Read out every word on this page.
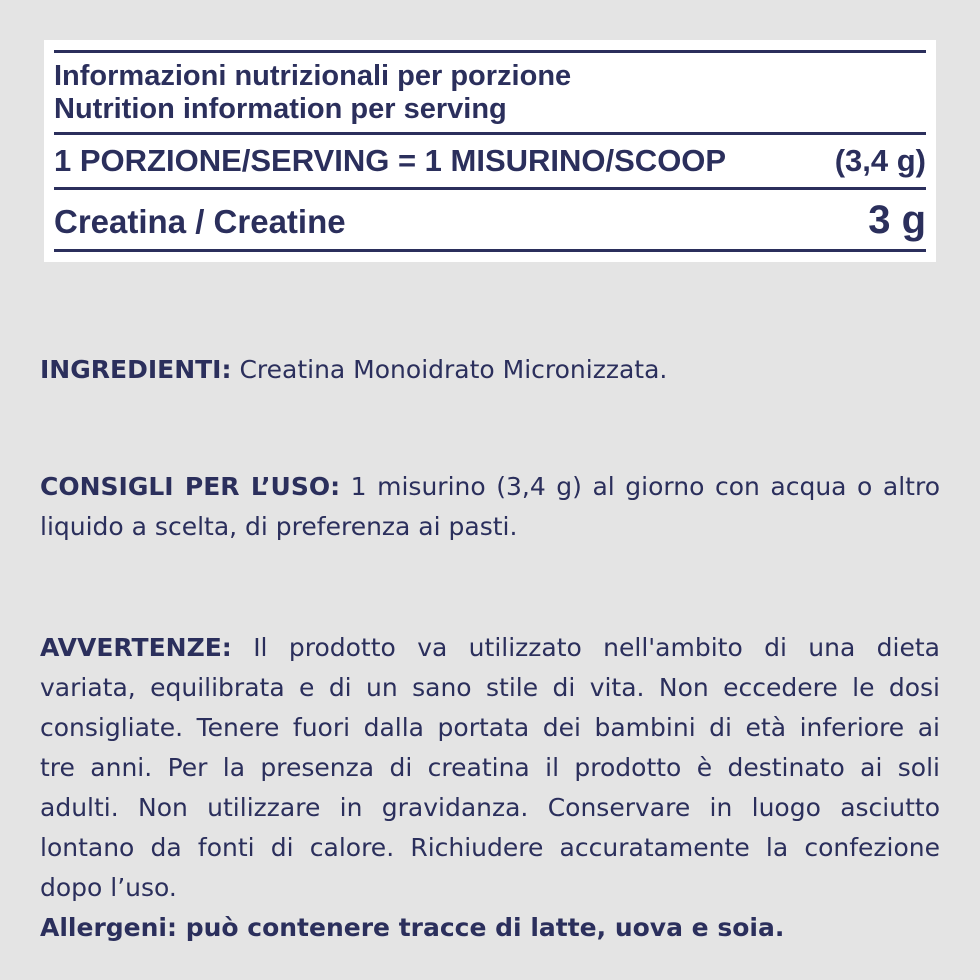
Informazioni nutrizionali per porzione
Nutrition information per serving
1 PORZIONE/SERVING = 1 MISURINO/SCOOP	(3,4 g)
Creatina / Creatine	3 g
INGREDIENTI: Creatina Monoidrato Micronizzata.
CONSIGLI PER L’USO: 1 misurino (3,4 g) al giorno con acqua o altro
liquido a scelta, di preferenza ai pasti.
AVVERTENZE: Il prodotto va utilizzato nell'ambito di una dieta
variata, equilibrata e di un sano stile di vita. Non eccedere le dosi
consigliate. Tenere fuori dalla portata dei bambini di età inferiore ai
tre anni. Per la presenza di creatina il prodotto è destinato ai soli
adulti. Non utilizzare in gravidanza. Conservare in luogo asciutto
lontano da fonti di calore. Richiudere accuratamente la confezione
dopo l’uso.
Allergeni: può contenere tracce di latte, uova e soia.
